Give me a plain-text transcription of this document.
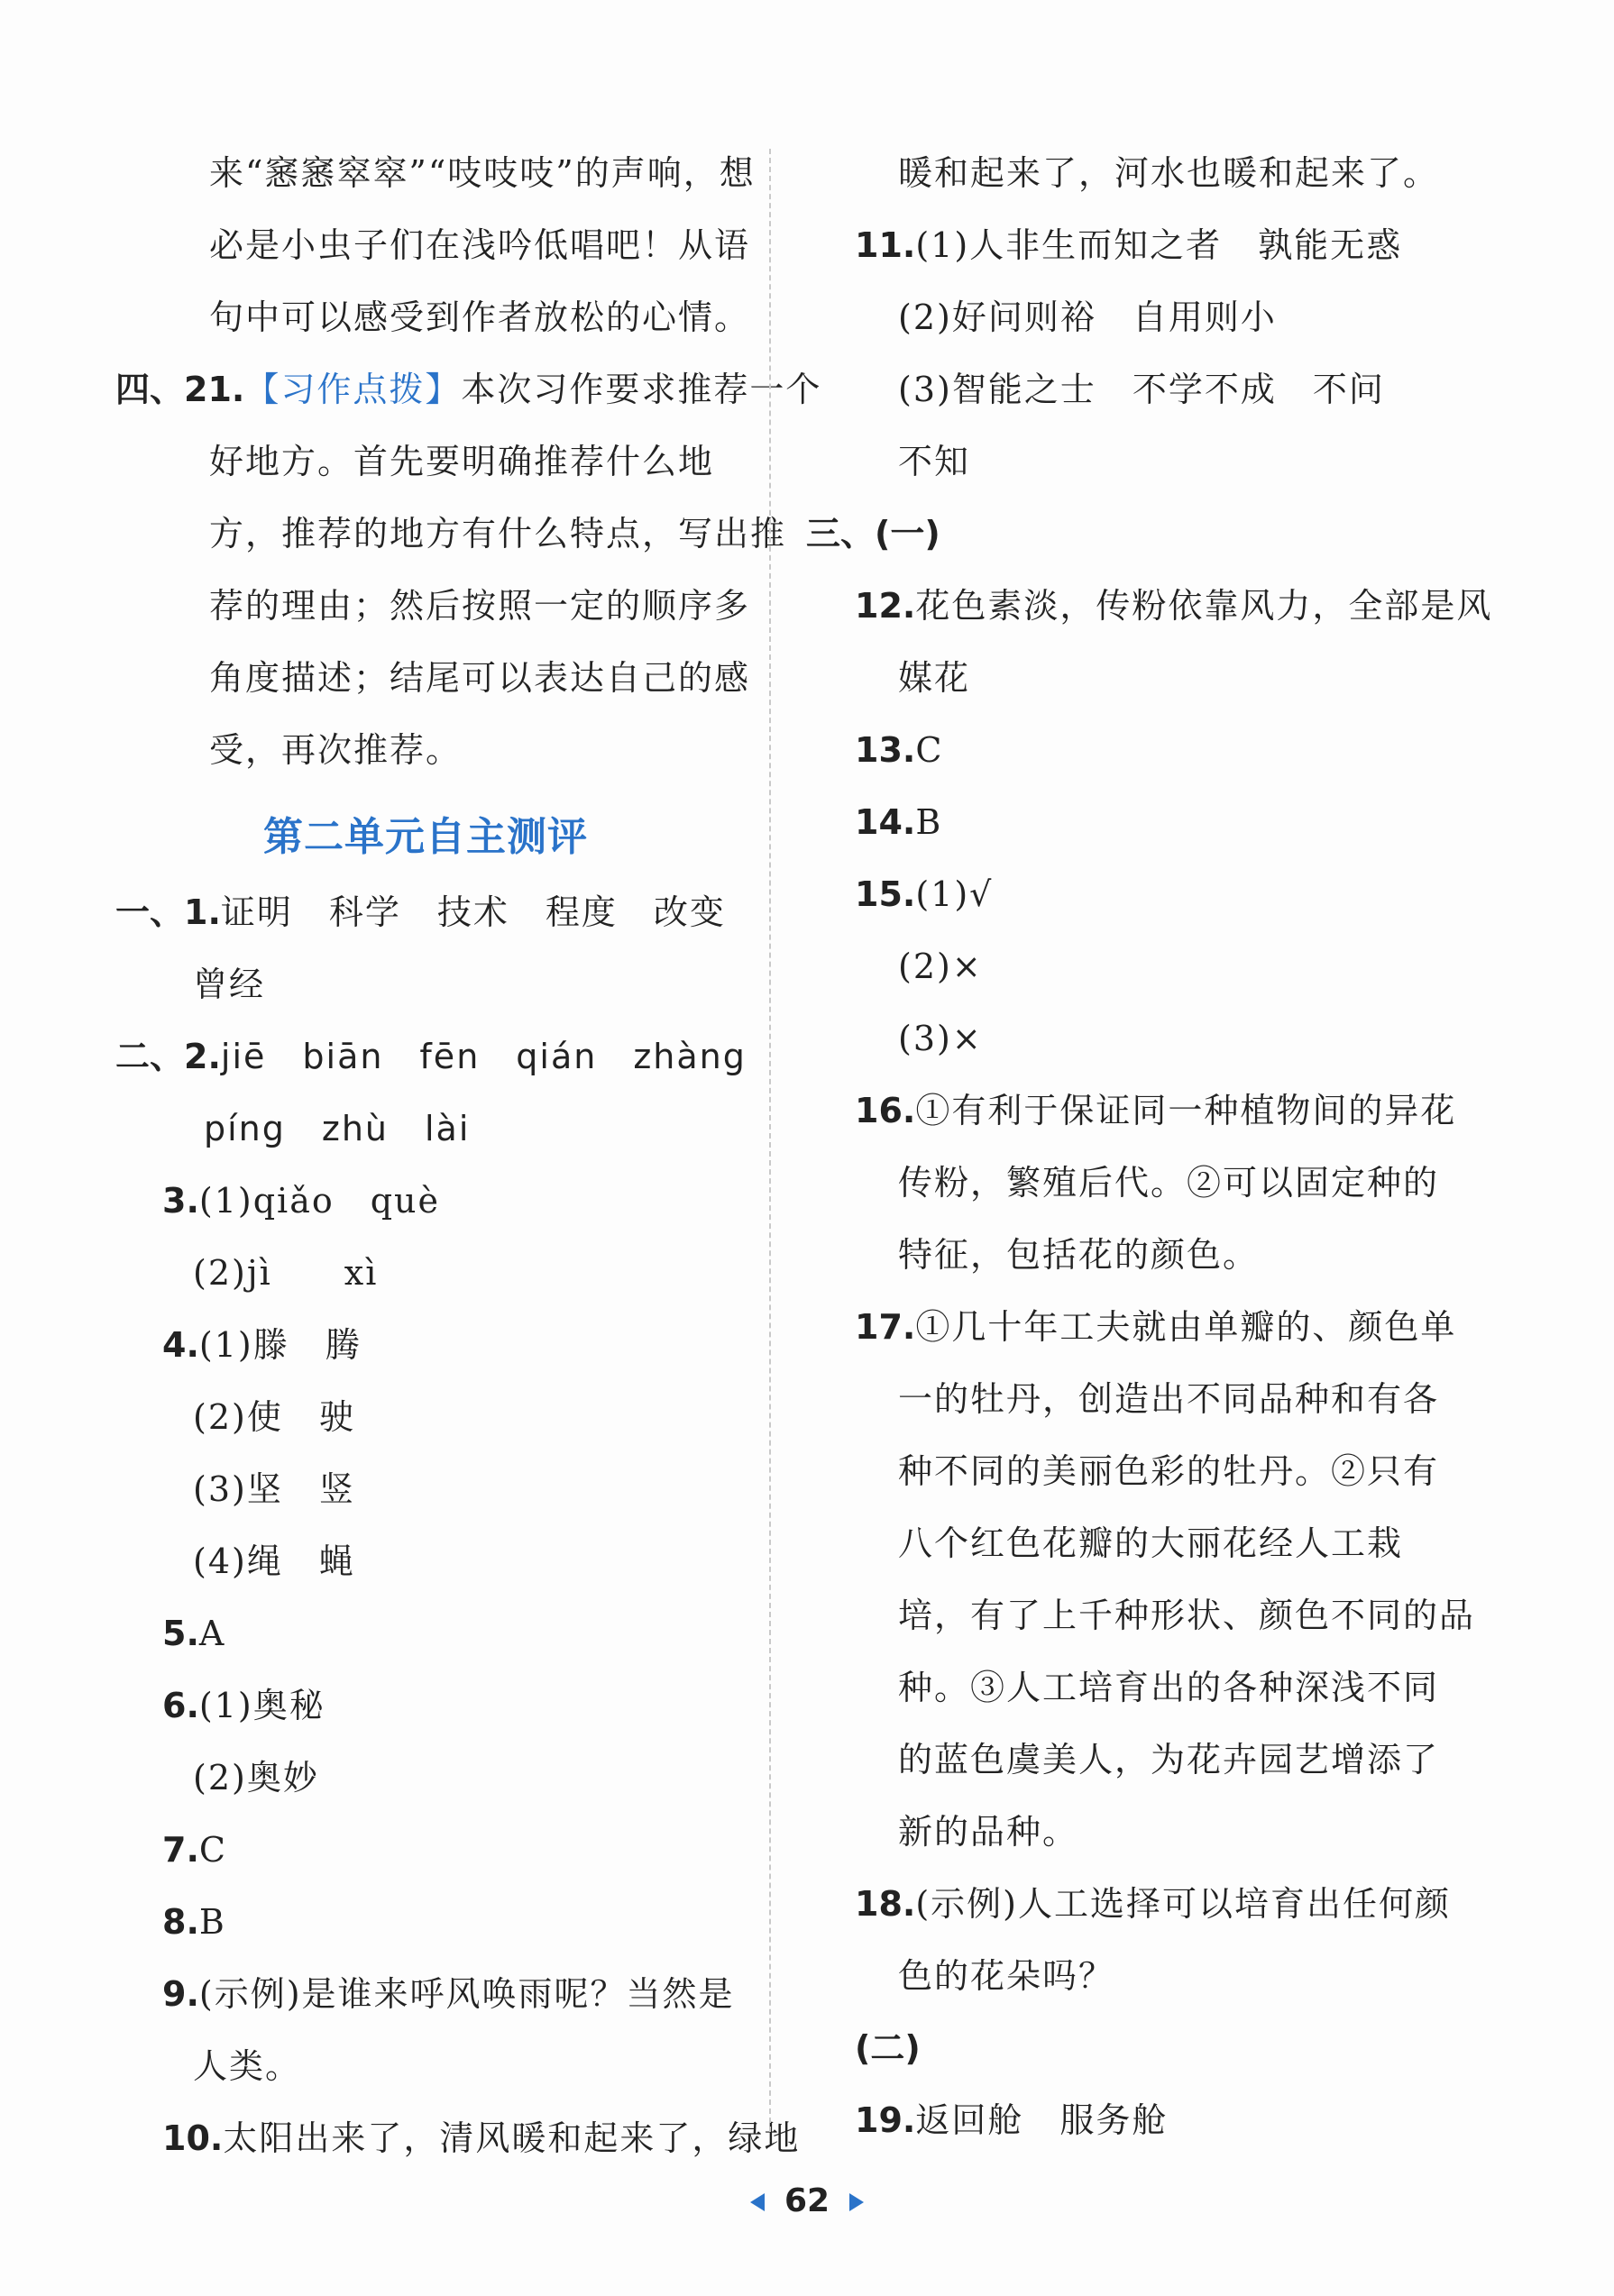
来“窸窸窣窣”“吱吱吱”的声响，想
必是小虫子们在浅吟低唱吧！从语
句中可以感受到作者放松的心情。
四、21.【习作点拨】本次习作要求推荐一个
好地方。首先要明确推荐什么地
方，推荐的地方有什么特点，写出推
荐的理由；然后按照一定的顺序多
角度描述；结尾可以表达自己的感
受，再次推荐。
第二单元自主测评
一、1.证明　科学　技术　程度　改变
曾经
二、2.jiē　biān　fēn　qián　zhàng
píng　zhù　lài
3.(1)qiǎo　què
(2)jì　　xì
4.(1)滕　腾
(2)使　驶
(3)坚　竖
(4)绳　蝇
5.A
6.(1)奥秘
(2)奥妙
7.C
8.B
9.(示例)是谁来呼风唤雨呢？当然是
人类。
10.太阳出来了，清风暖和起来了，绿地
暖和起来了，河水也暖和起来了。
11.(1)人非生而知之者　孰能无惑
(2)好问则裕　自用则小
(3)智能之士　不学不成　不问
不知
三、(一)
12.花色素淡，传粉依靠风力，全部是风
媒花
13.C
14.B
15.(1)√
(2)×
(3)×
16.①有利于保证同一种植物间的异花
传粉，繁殖后代。②可以固定种的
特征，包括花的颜色。
17.①几十年工夫就由单瓣的、颜色单
一的牡丹，创造出不同品种和有各
种不同的美丽色彩的牡丹。②只有
八个红色花瓣的大丽花经人工栽
培，有了上千种形状、颜色不同的品
种。③人工培育出的各种深浅不同
的蓝色虞美人，为花卉园艺增添了
新的品种。
18.(示例)人工选择可以培育出任何颜
色的花朵吗？
(二)
19.返回舱　服务舱
62
